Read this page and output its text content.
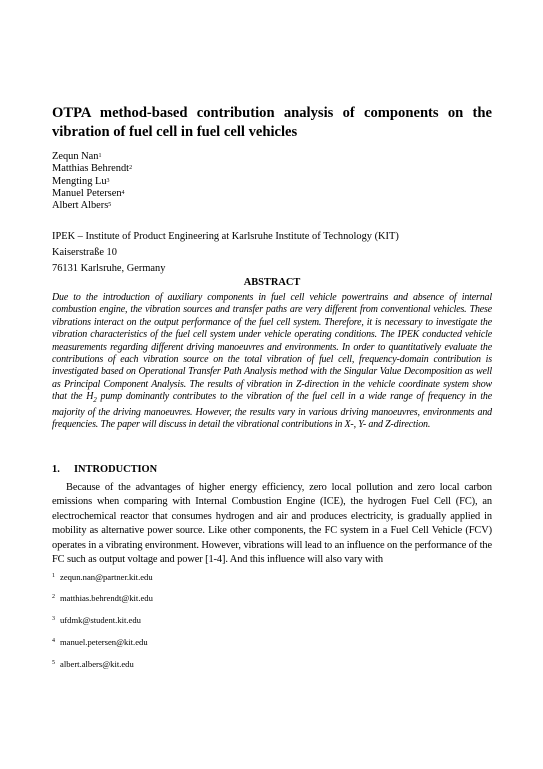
OTPA method-based contribution analysis of components on the vibration of fuel cell in fuel cell vehicles
Zequn Nan$^1$
Matthias Behrendt$^2$
Mengting Lu$^3$
Manuel Petersen$^4$
Albert Albers$^5$
IPEK – Institute of Product Engineering at Karlsruhe Institute of Technology (KIT)
Kaiserstraße 10
76131 Karlsruhe, Germany
ABSTRACT

Due to the introduction of auxiliary components in fuel cell vehicle powertrains and absence of internal combustion engine, the vibration sources and transfer paths are very different from conventional vehicles. These vibrations interact on the output performance of the fuel cell system. Therefore, it is necessary to investigate the vibration characteristics of the fuel cell system under vehicle operating conditions. The IPEK conducted vehicle measurements regarding different driving manoeuvres and environments. In order to quantitatively evaluate the contributions of each vibration source on the total vibration of fuel cell, frequency-domain contribution is investigated based on Operational Transfer Path Analysis method with the Singular Value Decomposition as well as Principal Component Analysis. The results of vibration in Z-direction in the vehicle coordinate system show that the $H_2$ pump dominantly contributes to the vibration of the fuel cell in a wide range of frequency in the majority of the driving manoeuvres. However, the results vary in various driving manoeuvres, environments and frequencies. The paper will discuss in detail the vibrational contributions in X-, Y- and Z-direction.

1. INTRODUCTION

Because of the advantages of higher energy efficiency, zero local pollution and zero local carbon emissions when comparing with Internal Combustion Engine (ICE), the hydrogen Fuel Cell (FC), an electrochemical reactor that consumes hydrogen and air and produces electricity, is gradually applied in mobility as alternative power source. Like other components, the FC system in a Fuel Cell Vehicle (FCV) operates in a vibrating environment. However, vibrations will lead to an influence on the performance of the FC such as output voltage and power [1-4]. And this influence will also vary with

$^1$ zequn.nan@partner.kit.edu
$^2$ matthias.behrendt@kit.edu
$^3$ ufdmk@student.kit.edu
$^4$ manuel.petersen@kit.edu
$^5$ albert.albers@kit.edu
